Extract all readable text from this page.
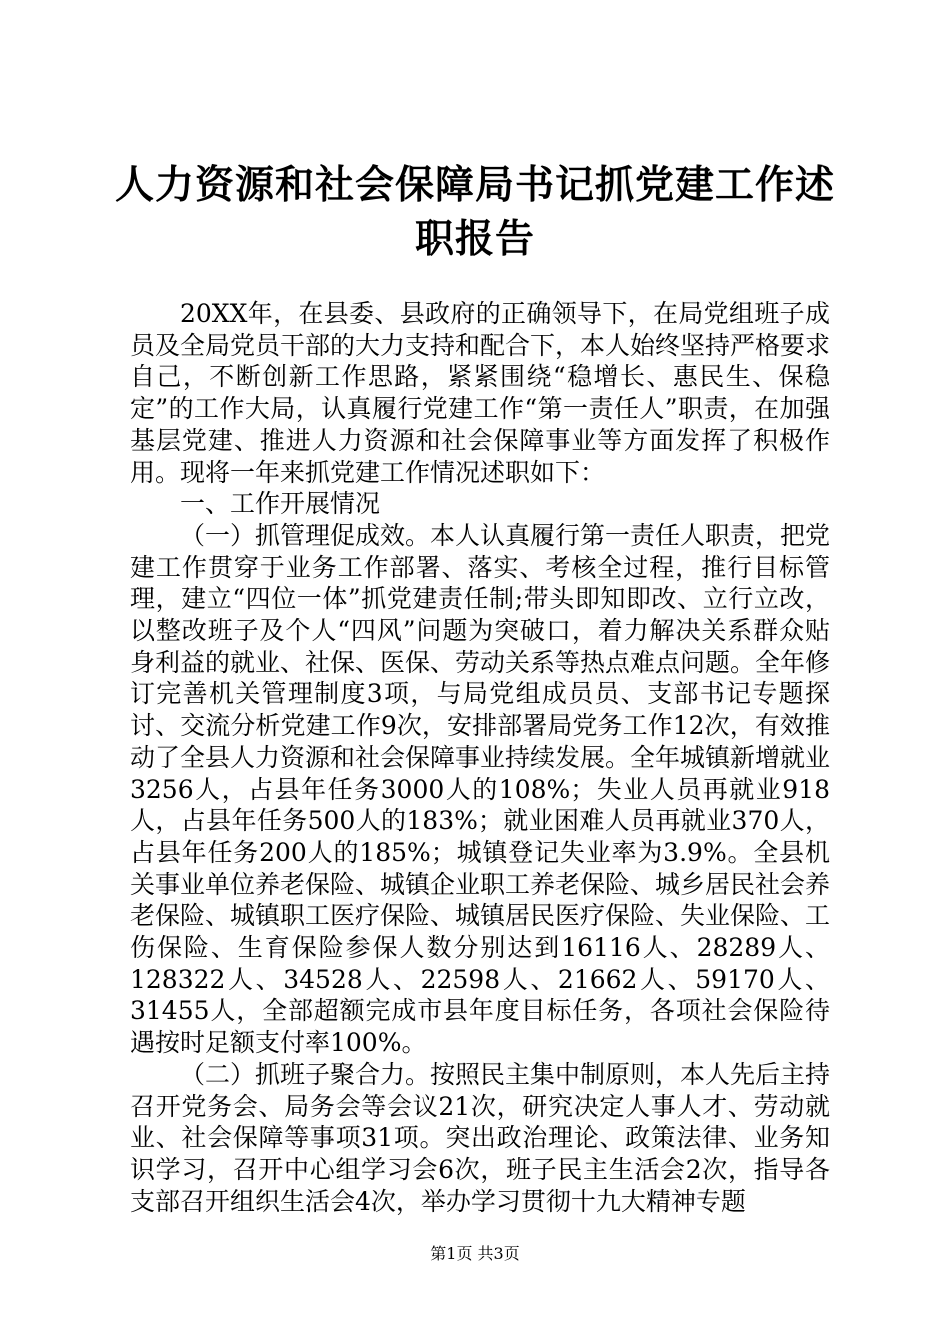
人力资源和社会保障局书记抓党建工作述职报告

20XX年，在县委、县政府的正确领导下，在局党组班子成员及全局党员干部的大力支持和配合下，本人始终坚持严格要求自己，不断创新工作思路，紧紧围绕“稳增长、惠民生、保稳定”的工作大局，认真履行党建工作“第一责任人”职责，在加强基层党建、推进人力资源和社会保障事业等方面发挥了积极作用。现将一年来抓党建工作情况述职如下：

一、工作开展情况

（一）抓管理促成效。本人认真履行第一责任人职责，把党建工作贯穿于业务工作部署、落实、考核全过程，推行目标管理，建立“四位一体”抓党建责任制;带头即知即改、立行立改，以整改班子及个人“四风”问题为突破口，着力解决关系群众贴身利益的就业、社保、医保、劳动关系等热点难点问题。全年修订完善机关管理制度3项，与局党组成员员、支部书记专题探讨、交流分析党建工作9次，安排部署局党务工作12次，有效推动了全县人力资源和社会保障事业持续发展。全年城镇新增就业3256人，占县年任务3000人的108%；失业人员再就业918人，占县年任务500人的183%；就业困难人员再就业370人，占县年任务200人的185%；城镇登记失业率为3.9%。全县机关事业单位养老保险、城镇企业职工养老保险、城乡居民社会养老保险、城镇职工医疗保险、城镇居民医疗保险、失业保险、工伤保险、生育保险参保人数分别达到16116人、28289人、128322人、34528人、22598人、21662人、59170人、31455人，全部超额完成市县年度目标任务，各项社会保险待遇按时足额支付率100%。

（二）抓班子聚合力。按照民主集中制原则，本人先后主持召开党务会、局务会等会议21次，研究决定人事人才、劳动就业、社会保障等事项31项。突出政治理论、政策法律、业务知识学习，召开中心组学习会6次，班子民主生活会2次，指导各支部召开组织生活会4次，举办学习贯彻十九大精神专题

第1页 共3页
